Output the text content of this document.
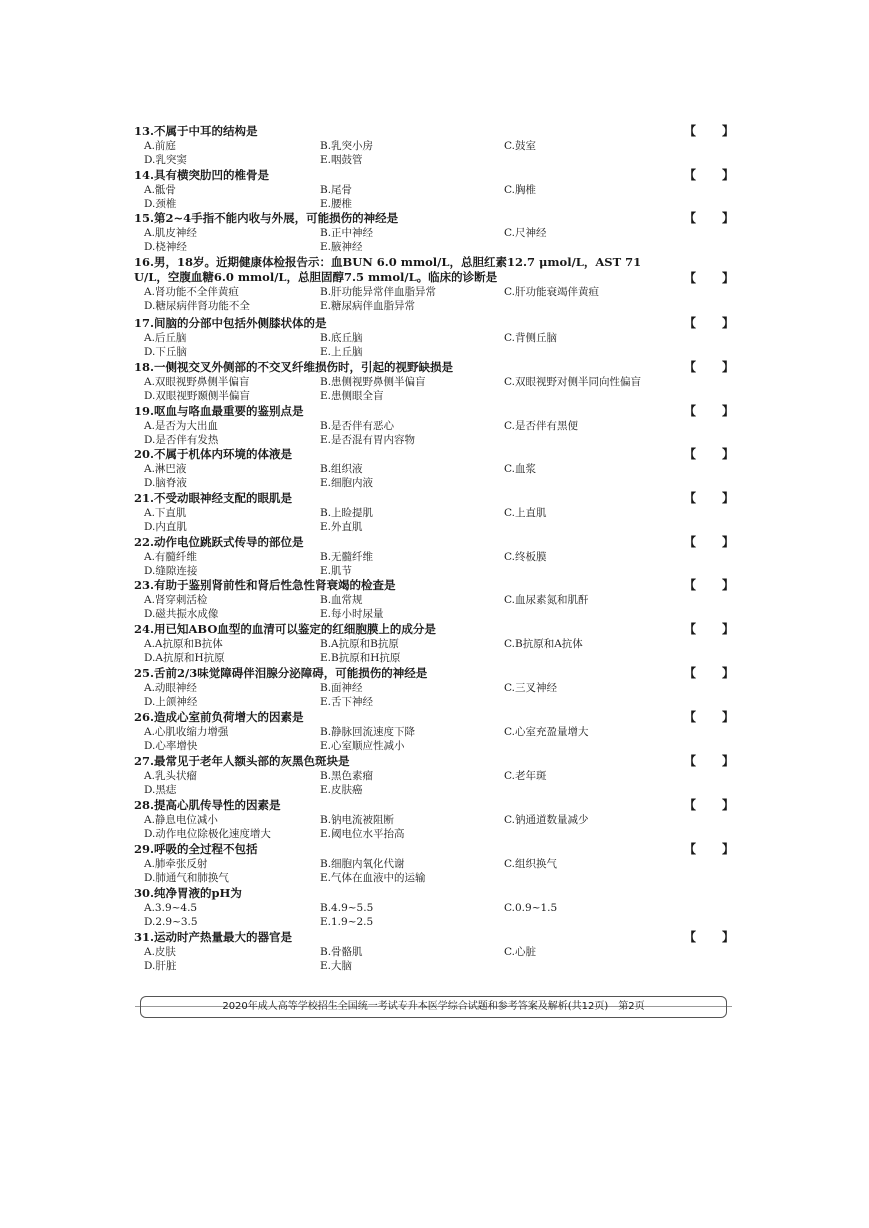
13.不属于中耳的结构是	【 】
A.前庭	B.乳突小房	C.鼓室
D.乳突窦	E.咽鼓管
14.具有横突肋凹的椎骨是	【 】
A.骶骨	B.尾骨	C.胸椎
D.颈椎	E.腰椎
15.第2~4手指不能内收与外展，可能损伤的神经是	【 】
A.肌皮神经	B.正中神经	C.尺神经
D.桡神经	E.腋神经
16.男，18岁。近期健康体检报告示：血BUN 6.0 mmol/L，总胆红素12.7 μmol/L，AST 71 U/L，空腹血糖6.0 mmol/L，总胆固醇7.5 mmol/L。临床的诊断是	【 】
A.肾功能不全伴黄疸	B.肝功能异常伴血脂异常	C.肝功能衰竭伴黄疸
D.糖尿病伴肾功能不全	E.糖尿病伴血脂异常
17.间脑的分部中包括外侧膝状体的是	【 】
A.后丘脑	B.底丘脑	C.背侧丘脑
D.下丘脑	E.上丘脑
18.一侧视交叉外侧部的不交叉纤维损伤时，引起的视野缺损是	【 】
A.双眼视野鼻侧半偏盲	B.患侧视野鼻侧半偏盲	C.双眼视野对侧半同向性偏盲
D.双眼视野颞侧半偏盲	E.患侧眼全盲
19.呕血与咯血最重要的鉴别点是	【 】
A.是否为大出血	B.是否伴有恶心	C.是否伴有黑便
D.是否伴有发热	E.是否混有胃内容物
20.不属于机体内环境的体液是	【 】
A.淋巴液	B.组织液	C.血浆
D.脑脊液	E.细胞内液
21.不受动眼神经支配的眼肌是	【 】
A.下直肌	B.上睑提肌	C.上直肌
D.内直肌	E.外直肌
22.动作电位跳跃式传导的部位是	【 】
A.有髓纤维	B.无髓纤维	C.终板膜
D.缝隙连接	E.肌节
23.有助于鉴别肾前性和肾后性急性肾衰竭的检查是	【 】
A.肾穿刺活检	B.血常规	C.血尿素氮和肌酐
D.磁共振水成像	E.每小时尿量
24.用已知ABO血型的血清可以鉴定的红细胞膜上的成分是	【 】
A.A抗原和B抗体	B.A抗原和B抗原	C.B抗原和A抗体
D.A抗原和H抗原	E.B抗原和H抗原
25.舌前2/3味觉障碍伴泪腺分泌障碍，可能损伤的神经是	【 】
A.动眼神经	B.面神经	C.三叉神经
D.上颌神经	E.舌下神经
26.造成心室前负荷增大的因素是	【 】
A.心肌收缩力增强	B.静脉回流速度下降	C.心室充盈量增大
D.心率增快	E.心室顺应性减小
27.最常见于老年人额头部的灰黑色斑块是	【 】
A.乳头状瘤	B.黑色素瘤	C.老年斑
D.黑痣	E.皮肤癌
28.提高心肌传导性的因素是	【 】
A.静息电位减小	B.钠电流被阻断	C.钠通道数量减少
D.动作电位除极化速度增大	E.阈电位水平抬高
29.呼吸的全过程不包括	【 】
A.肺牵张反射	B.细胞内氧化代谢	C.组织换气
D.肺通气和肺换气	E.气体在血液中的运输
30.纯净胃液的pH为
A.3.9~4.5	B.4.9~5.5	C.0.9~1.5
D.2.9~3.5	E.1.9~2.5
31.运动时产热量最大的器官是	【 】
A.皮肤	B.骨骼肌	C.心脏
D.肝脏	E.大脑
2020年成人高等学校招生全国统一考试专升本医学综合试题和参考答案及解析(共12页)　第2页
